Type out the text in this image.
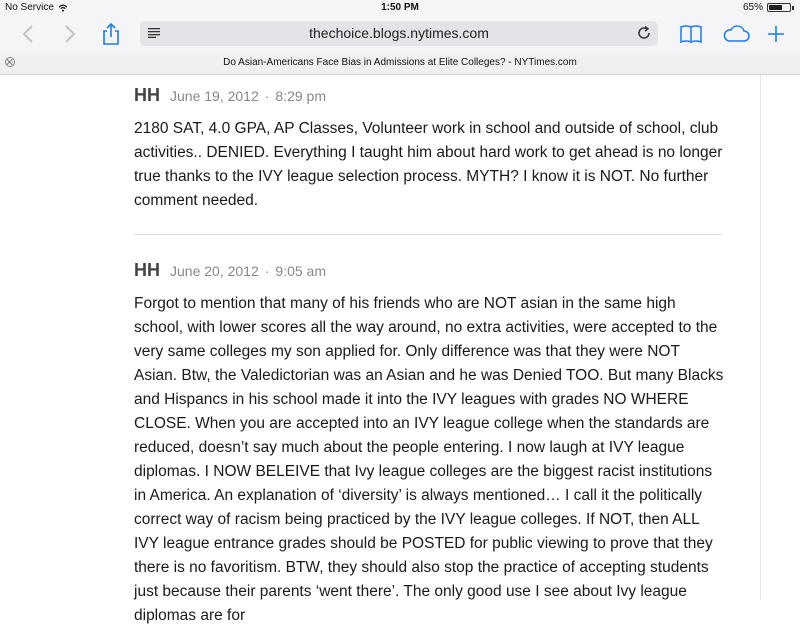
No Service	1:50 PM	65%
thechoice.blogs.nytimes.com
Do Asian-Americans Face Bias in Admissions at Elite Colleges? - NYTimes.com
HH June 19, 2012 · 8:29 pm
2180 SAT, 4.0 GPA, AP Classes, Volunteer work in school and outside of school, club activities.. DENIED. Everything I taught him about hard work to get ahead is no longer true thanks to the IVY league selection process. MYTH? I know it is NOT. No further comment needed.
HH June 20, 2012 · 9:05 am
Forgot to mention that many of his friends who are NOT asian in the same high school, with lower scores all the way around, no extra activities, were accepted to the very same colleges my son applied for. Only difference was that they were NOT Asian. Btw, the Valedictorian was an Asian and he was Denied TOO. But many Blacks and Hispancs in his school made it into the IVY leagues with grades NO WHERE CLOSE. When you are accepted into an IVY league college when the standards are reduced, doesn’t say much about the people entering. I now laugh at IVY league diplomas. I NOW BELEIVE that Ivy league colleges are the biggest racist institutions in America. An explanation of ‘diversity’ is always mentioned… I call it the politically correct way of racism being practiced by the IVY league colleges. If NOT, then ALL IVY league entrance grades should be POSTED for public viewing to prove that they there is no favoritism. BTW, they should also stop the practice of accepting students just because their parents ‘went there’. The only good use I see about Ivy league diplomas are for
